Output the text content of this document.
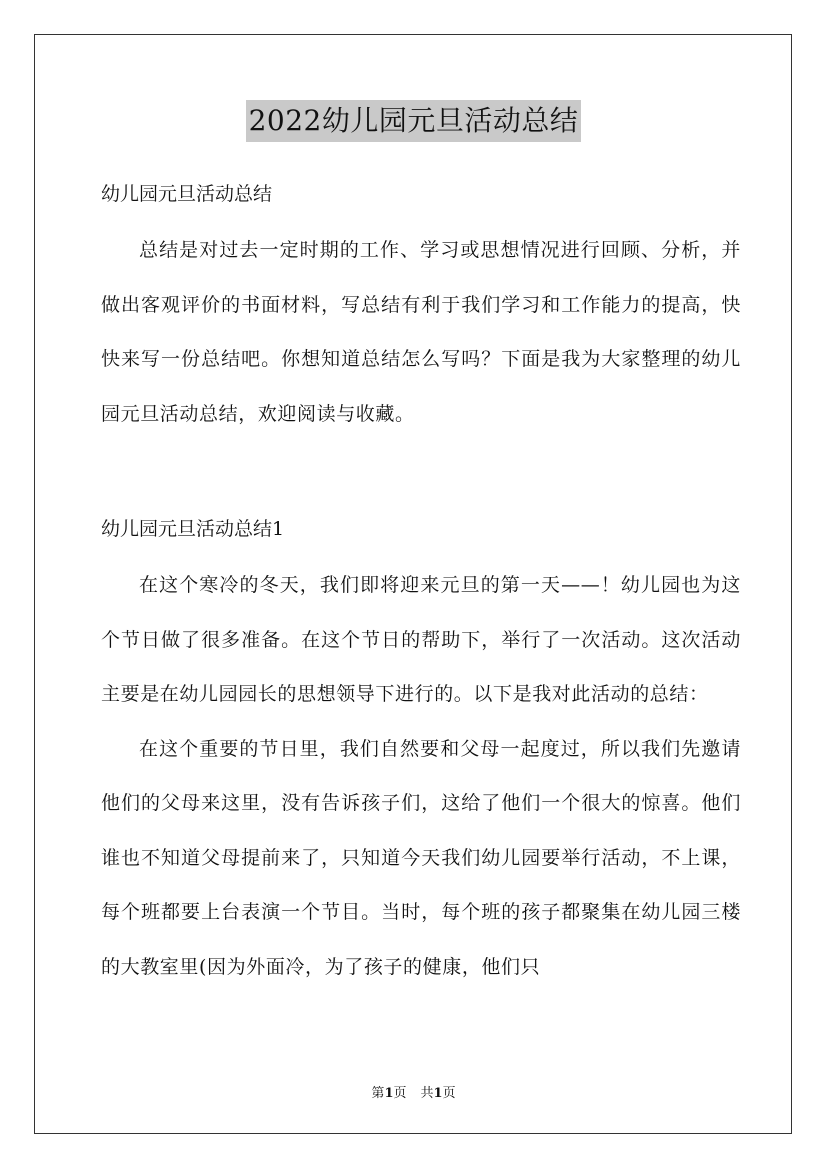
2022幼儿园元旦活动总结
幼儿园元旦活动总结

总结是对过去一定时期的工作、学习或思想情况进行回顾、分析，并做出客观评价的书面材料，写总结有利于我们学习和工作能力的提高，快快来写一份总结吧。你想知道总结怎么写吗？下面是我为大家整理的幼儿园元旦活动总结，欢迎阅读与收藏。

幼儿园元旦活动总结1

在这个寒冷的冬天，我们即将迎来元旦的第一天——！幼儿园也为这个节日做了很多准备。在这个节日的帮助下，举行了一次活动。这次活动主要是在幼儿园园长的思想领导下进行的。以下是我对此活动的总结：

在这个重要的节日里，我们自然要和父母一起度过，所以我们先邀请他们的父母来这里，没有告诉孩子们，这给了他们一个很大的惊喜。他们谁也不知道父母提前来了，只知道今天我们幼儿园要举行活动，不上课，每个班都要上台表演一个节目。当时，每个班的孩子都聚集在幼儿园三楼的大教室里(因为外面冷，为了孩子的健康，他们只

第1页 共1页
